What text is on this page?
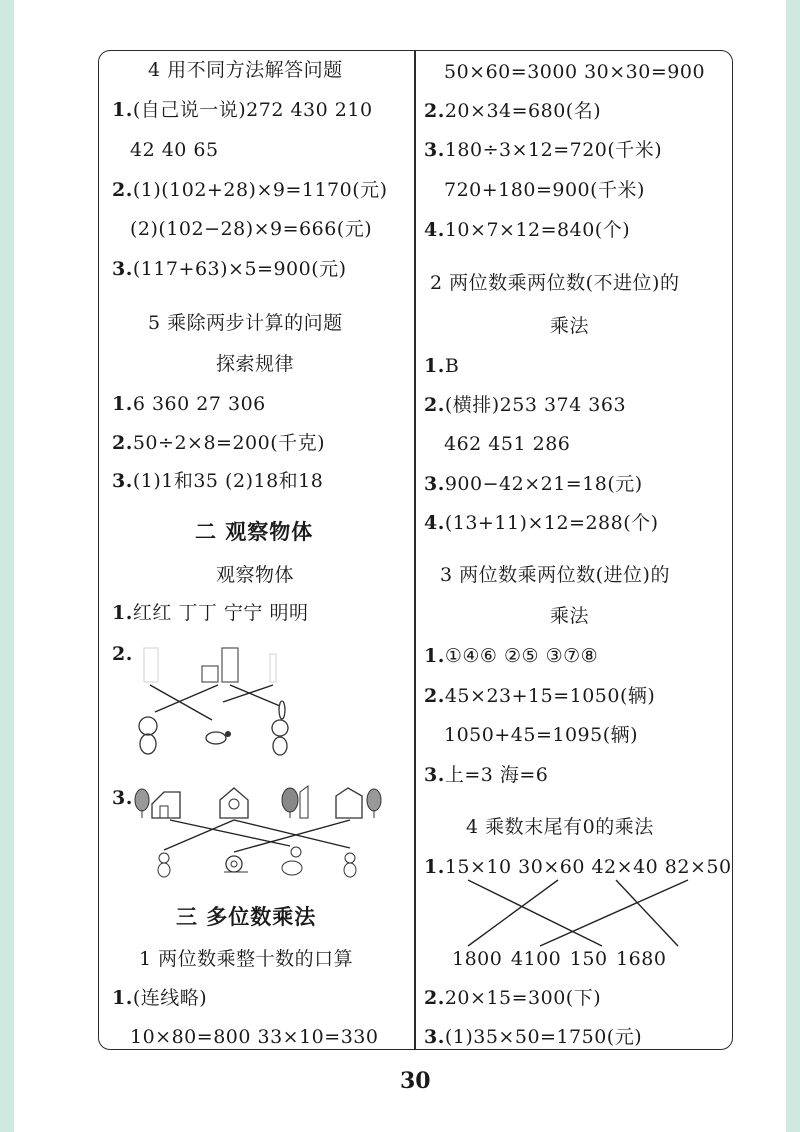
4 用不同方法解答问题
1.(自己说一说)272 430 210
42 40 65
2.(1)(102+28)×9=1170(元)
(2)(102−28)×9=666(元)
3.(117+63)×5=900(元)
5 乘除两步计算的问题
探索规律
1.6 360 27 306
2.50÷2×8=200(千克)
3.(1)1和35 (2)18和18
二 观察物体
观察物体
1.红红 丁丁 宁宁 明明
2.
3.
三 多位数乘法
1 两位数乘整十数的口算
1.(连线略)
10×80=800 33×10=330
50×60=3000 30×30=900
2.20×34=680(名)
3.180÷3×12=720(千米)
720+180=900(千米)
4.10×7×12=840(个)
2 两位数乘两位数(不进位)的
乘法
1.B
2.(横排)253 374 363
462 451 286
3.900−42×21=18(元)
4.(13+11)×12=288(个)
3 两位数乘两位数(进位)的
乘法
1.①④⑥ ②⑤ ③⑦⑧
2.45×23+15=1050(辆)
1050+45=1095(辆)
3.上=3 海=6
4 乘数末尾有0的乘法
1.15×10 30×60 42×40 82×50
1800 4100 150 1680
2.20×15=300(下)
3.(1)35×50=1750(元)
30
